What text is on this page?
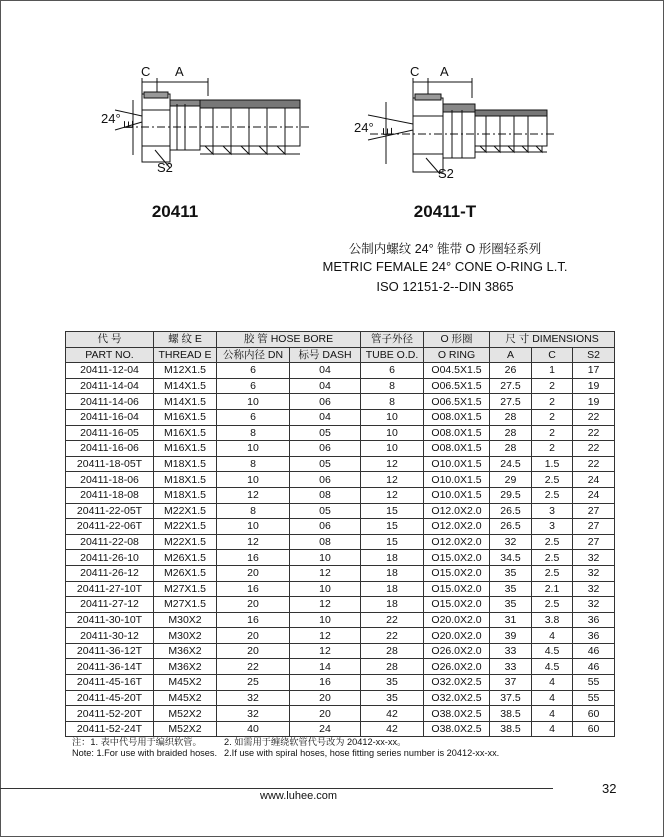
C A
24° E
S2
C A
24° E
S2
20411	20411-T
公制内螺纹 24° 锥带 O 形圈轻系列
METRIC FEMALE 24° CONE O-RING L.T.
ISO 12151-2--DIN 3865
代 号	螺 纹 E	胶 管 HOSE BORE		管子外径	O 形圈	尺 寸 DIMENSIONS		
PART NO.	THREAD E	公称内径 DN	标号 DASH	TUBE O.D.	O RING	A	C	S2
20411-12-04	M12X1.5	6	04	6	O04.5X1.5	26	1	17
20411-14-04	M14X1.5	6	04	8	O06.5X1.5	27.5	2	19
20411-14-06	M14X1.5	10	06	8	O06.5X1.5	27.5	2	19
20411-16-04	M16X1.5	6	04	10	O08.0X1.5	28	2	22
20411-16-05	M16X1.5	8	05	10	O08.0X1.5	28	2	22
20411-16-06	M16X1.5	10	06	10	O08.0X1.5	28	2	22
20411-18-05T	M18X1.5	8	05	12	O10.0X1.5	24.5	1.5	22
20411-18-06	M18X1.5	10	06	12	O10.0X1.5	29	2.5	24
20411-18-08	M18X1.5	12	08	12	O10.0X1.5	29.5	2.5	24
20411-22-05T	M22X1.5	8	05	15	O12.0X2.0	26.5	3	27
20411-22-06T	M22X1.5	10	06	15	O12.0X2.0	26.5	3	27
20411-22-08	M22X1.5	12	08	15	O12.0X2.0	32	2.5	27
20411-26-10	M26X1.5	16	10	18	O15.0X2.0	34.5	2.5	32
20411-26-12	M26X1.5	20	12	18	O15.0X2.0	35	2.5	32
20411-27-10T	M27X1.5	16	10	18	O15.0X2.0	35	2.1	32
20411-27-12	M27X1.5	20	12	18	O15.0X2.0	35	2.5	32
20411-30-10T	M30X2	16	10	22	O20.0X2.0	31	3.8	36
20411-30-12	M30X2	20	12	22	O20.0X2.0	39	4	36
20411-36-12T	M36X2	20	12	28	O26.0X2.0	33	4.5	46
20411-36-14T	M36X2	22	14	28	O26.0X2.0	33	4.5	46
20411-45-16T	M45X2	25	16	35	O32.0X2.5	37	4	55
20411-45-20T	M45X2	32	20	35	O32.0X2.5	37.5	4	55
20411-52-20T	M52X2	32	20	42	O38.0X2.5	38.5	4	60
20411-52-24T	M52X2	40	24	42	O38.0X2.5	38.5	4	60
注：1. 表中代号用于编织软管。 2. 如需用于缠绕软管代号改为 20412-xx-xx。
Note: 1.For use with braided hoses. 2.If use with spiral hoses, hose fitting series number is 20412-xx-xx.
www.luhee.com	32
